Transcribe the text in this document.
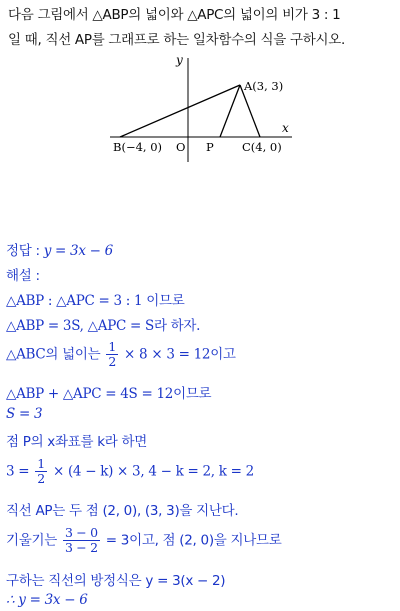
다음 그림에서 △ABP의 넓이와 △APC의 넓이의 비가 3 : 1
일 때, 직선 AP를 그래프로 하는 일차함수의 식을 구하시오.
y
x
A(3, 3)
B(−4, 0) O P C(4, 0)
정답 : y = 3x − 6
해설 :
△ABP : △APC = 3 : 1 이므로
△ABP = 3S, △APC = S라 하자.
△ABC의 넓이는 $\frac{1}{2} \times 8 \times 3 = 12$이고
△ABP + △APC = 4S = 12이므로
S = 3
점 P의 x좌표를 k라 하면
$3 = \frac{1}{2} \times (4 - k) \times 3$, 4 − k = 2, k = 2
직선 AP는 두 점 (2, 0), (3, 3)을 지난다.
기울기는 $\frac{3 - 0}{3 - 2} = 3$이고, 점 (2, 0)을 지나므로
구하는 직선의 방정식은 y = 3(x − 2)
∴ y = 3x − 6
